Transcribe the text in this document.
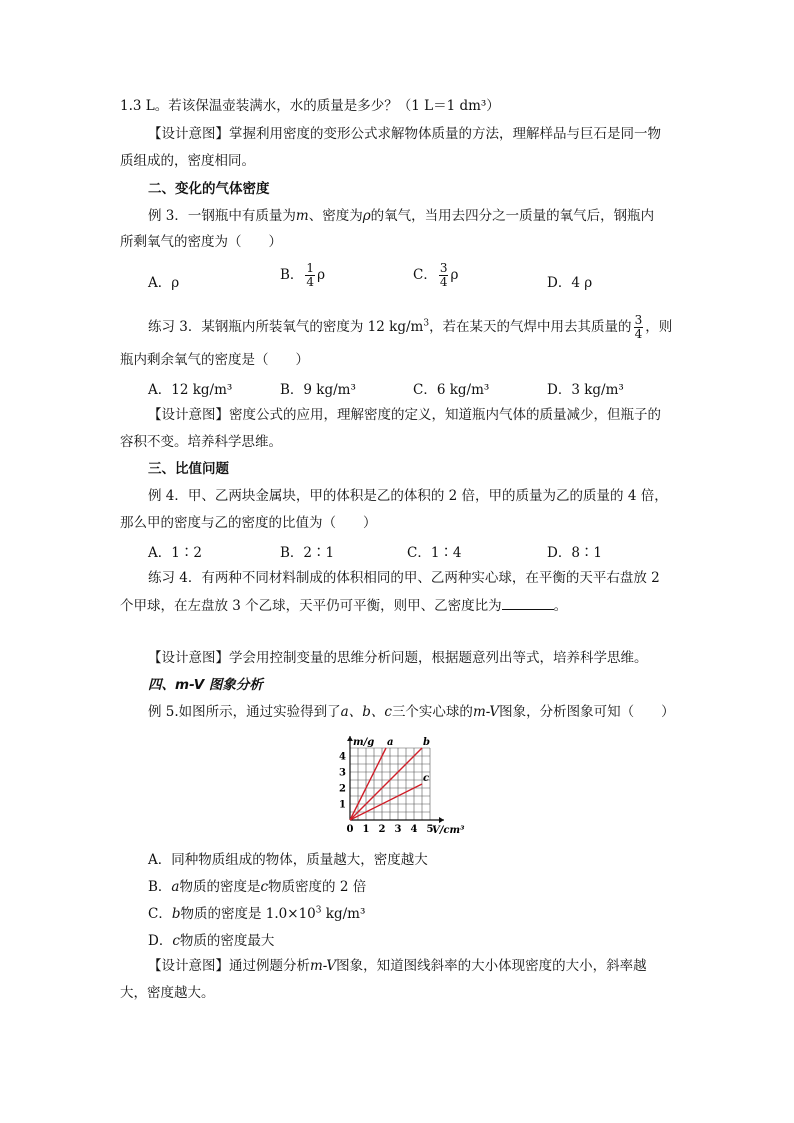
1.3 L。若该保温壶装满水，水的质量是多少？（1 L＝1 dm³）
【设计意图】掌握利用密度的变形公式求解物体质量的方法，理解样品与巨石是同一物
质组成的，密度相同。
二、变化的气体密度
例 3．一钢瓶中有质量为m、密度为ρ的氧气，当用去四分之一质量的氧气后，钢瓶内
所剩氧气的密度为（　　）
A．ρ	B． $\frac{1}{4}$ ρ	C． $\frac{3}{4}$ ρ	D．4 ρ
练习 3．某钢瓶内所装氧气的密度为 12 $kg/m^3$，若在某天的气焊中用去其质量的 $\frac{3}{4}$ ，则
瓶内剩余氧气的密度是（　　）
A．12 kg/m³	B．9 kg/m³	C．6 kg/m³	D．3 kg/m³
【设计意图】密度公式的应用，理解密度的定义，知道瓶内气体的质量减少，但瓶子的
容积不变。培养科学思维。
三、比值问题
例 4．甲、乙两块金属块，甲的体积是乙的体积的 2 倍，甲的质量为乙的质量的 4 倍，
那么甲的密度与乙的密度的比值为（　　）
A．1∶2	B．2∶1	C．1∶4	D．8∶1
练习 4．有两种不同材料制成的体积相同的甲、乙两种实心球，在平衡的天平右盘放 2
个甲球，在左盘放 3 个乙球，天平仍可平衡，则甲、乙密度比为	。
【设计意图】学会用控制变量的思维分析问题，根据题意列出等式，培养科学思维。
四、m-V 图象分析
例 5.如图所示，通过实验得到了a、b、c三个实心球的m-V图象，分析图象可知（　　）
0 1 2 3 4 5
1
2
3
4
m/g
V/cm³
a	b
c
A．同种物质组成的物体，质量越大，密度越大
B．a物质的密度是c物质密度的 2 倍
C．b物质的密度是 $1.0\times 10^3$ kg/m³
D．c物质的密度最大
【设计意图】通过例题分析m-V图象，知道图线斜率的大小体现密度的大小，斜率越
大，密度越大。
